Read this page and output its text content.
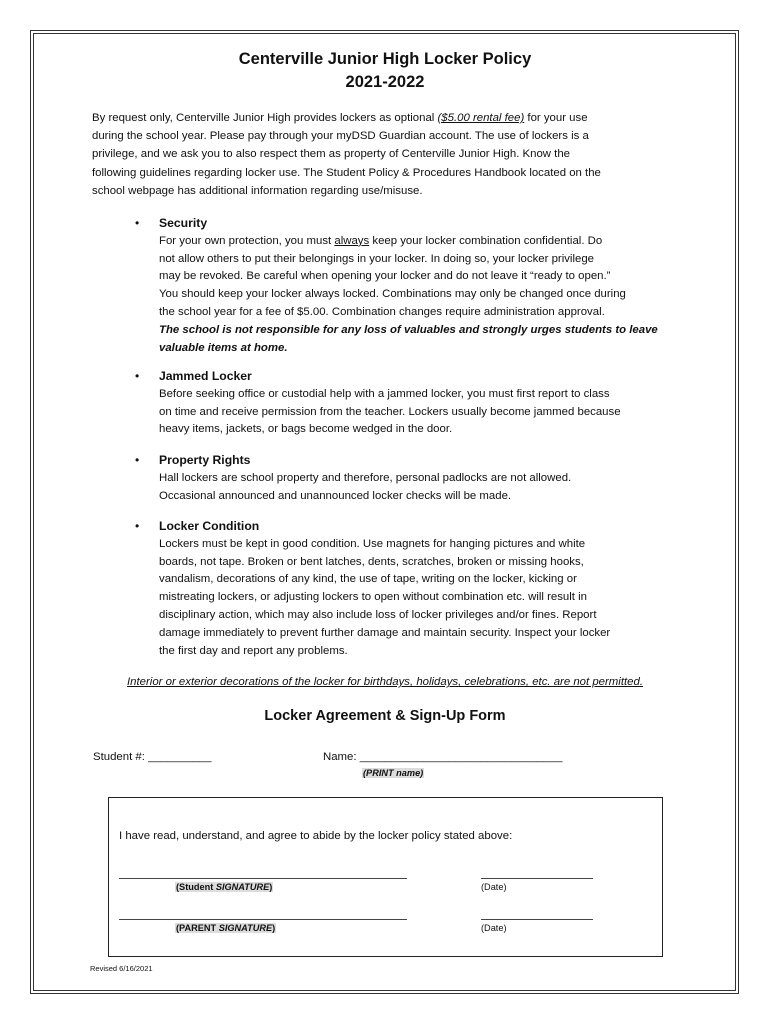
Centerville Junior High Locker Policy
2021-2022
By request only, Centerville Junior High provides lockers as optional ($5.00 rental fee) for your use
during the school year. Please pay through your myDSD Guardian account. The use of lockers is a
privilege, and we ask you to also respect them as property of Centerville Junior High. Know the
following guidelines regarding locker use. The Student Policy & Procedures Handbook located on the
school webpage has additional information regarding use/misuse.
• Security
For your own protection, you must always keep your locker combination confidential. Do
not allow others to put their belongings in your locker. In doing so, your locker privilege
may be revoked. Be careful when opening your locker and do not leave it “ready to open.”
You should keep your locker always locked. Combinations may only be changed once during
the school year for a fee of $5.00. Combination changes require administration approval.
The school is not responsible for any loss of valuables and strongly urges students to leave
valuable items at home.
• Jammed Locker
Before seeking office or custodial help with a jammed locker, you must first report to class
on time and receive permission from the teacher. Lockers usually become jammed because
heavy items, jackets, or bags become wedged in the door.
• Property Rights
Hall lockers are school property and therefore, personal padlocks are not allowed.
Occasional announced and unannounced locker checks will be made.
• Locker Condition
Lockers must be kept in good condition. Use magnets for hanging pictures and white
boards, not tape. Broken or bent latches, dents, scratches, broken or missing hooks,
vandalism, decorations of any kind, the use of tape, writing on the locker, kicking or
mistreating lockers, or adjusting lockers to open without combination etc. will result in
disciplinary action, which may also include loss of locker privileges and/or fines. Report
damage immediately to prevent further damage and maintain security. Inspect your locker
the first day and report any problems.
Interior or exterior decorations of the locker for birthdays, holidays, celebrations, etc. are not permitted.
Locker Agreement & Sign-Up Form
Student #: __________	Name: ________________________________
(PRINT name)
I have read, understand, and agree to abide by the locker policy stated above:
(Student SIGNATURE)	(Date)
(PARENT SIGNATURE)	(Date)
Revised 6/16/2021
